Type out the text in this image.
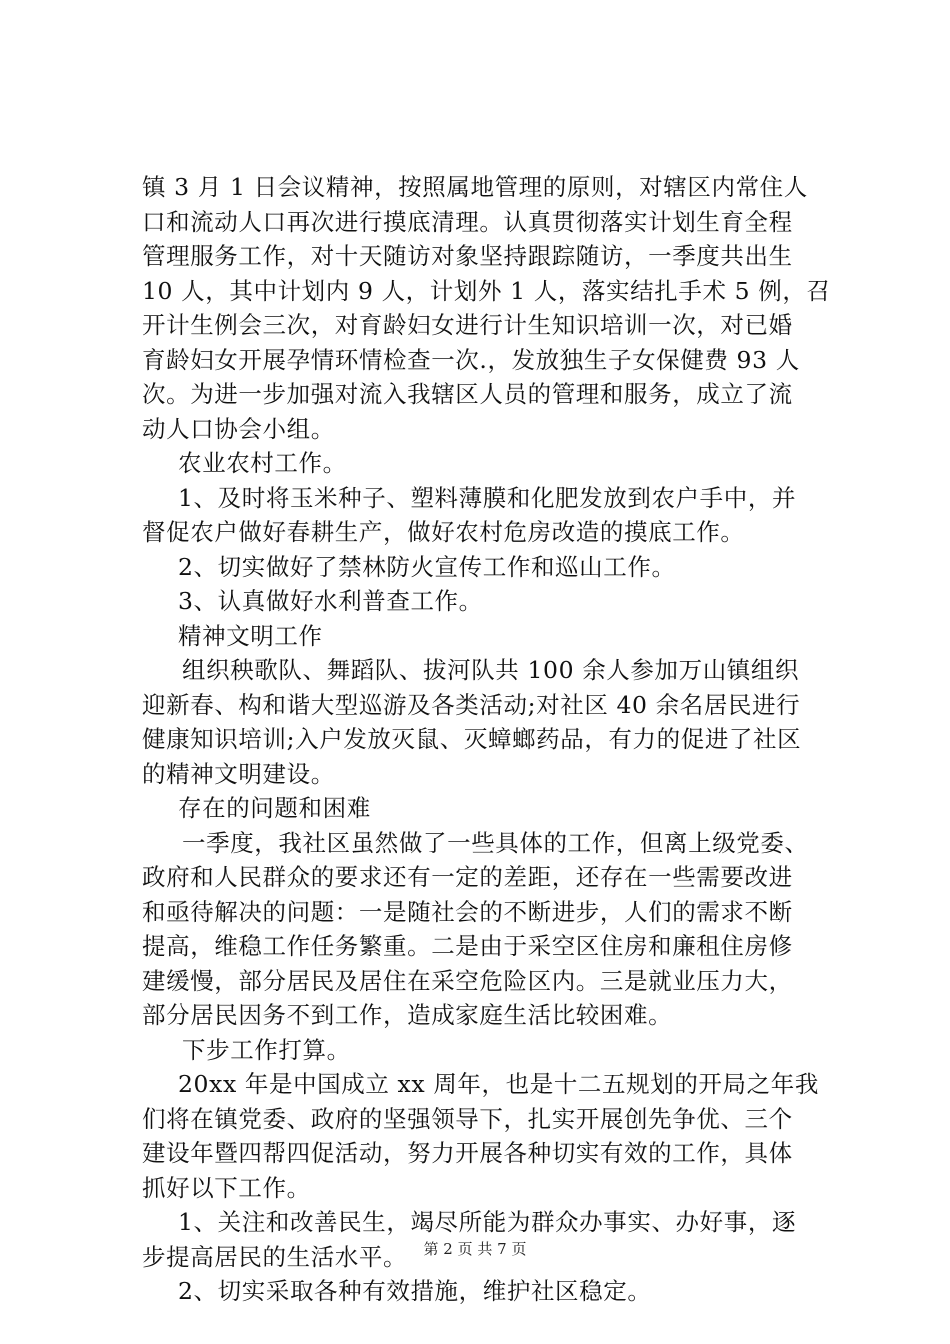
镇 3 月 1 日会议精神，按照属地管理的原则，对辖区内常住人
口和流动人口再次进行摸底清理。认真贯彻落实计划生育全程
管理服务工作，对十天随访对象坚持跟踪随访，一季度共出生
10 人，其中计划内 9 人，计划外 1 人，落实结扎手术 5 例，召
开计生例会三次，对育龄妇女进行计生知识培训一次，对已婚
育龄妇女开展孕情环情检查一次.，发放独生子女保健费 93 人
次。为进一步加强对流入我辖区人员的管理和服务，成立了流
动人口协会小组。
农业农村工作。
1、及时将玉米种子、塑料薄膜和化肥发放到农户手中，并
督促农户做好春耕生产，做好农村危房改造的摸底工作。
2、切实做好了禁林防火宣传工作和巡山工作。
3、认真做好水利普查工作。
精神文明工作
组织秧歌队、舞蹈队、拔河队共 100 余人参加万山镇组织
迎新春、构和谐大型巡游及各类活动;对社区 40 余名居民进行
健康知识培训;入户发放灭鼠、灭蟑螂药品，有力的促进了社区
的精神文明建设。
存在的问题和困难
一季度，我社区虽然做了一些具体的工作，但离上级党委、
政府和人民群众的要求还有一定的差距，还存在一些需要改进
和亟待解决的问题：一是随社会的不断进步，人们的需求不断
提高，维稳工作任务繁重。二是由于采空区住房和廉租住房修
建缓慢，部分居民及居住在采空危险区内。三是就业压力大，
部分居民因务不到工作，造成家庭生活比较困难。
下步工作打算。
20xx 年是中国成立 xx 周年，也是十二五规划的开局之年我
们将在镇党委、政府的坚强领导下，扎实开展创先争优、三个
建设年暨四帮四促活动，努力开展各种切实有效的工作，具体
抓好以下工作。
1、关注和改善民生，竭尽所能为群众办事实、办好事，逐
步提高居民的生活水平。
2、切实采取各种有效措施，维护社区稳定。
第 2 页 共 7 页
